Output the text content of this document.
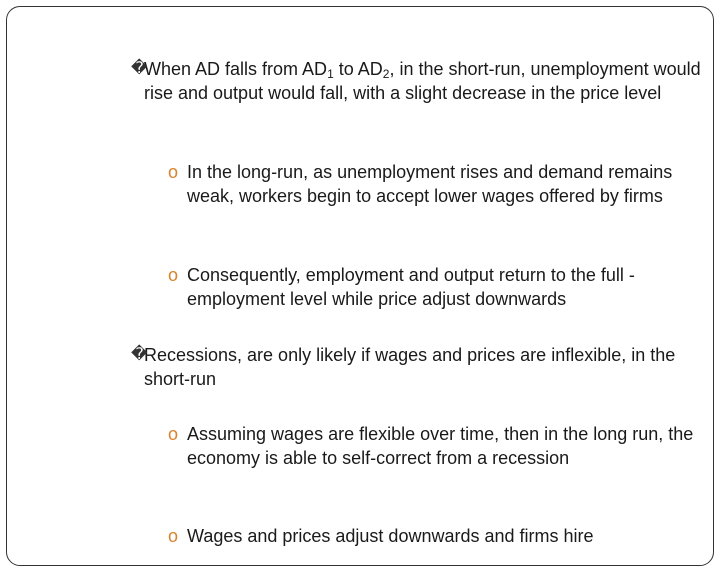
�
When AD falls from $AD_1$ to $AD_2$, in the short-run, unemployment would rise and output would fall, with a slight decrease in the price level
o In the long-run, as unemployment rises and demand remains weak, workers begin to accept lower wages offered by firms
o Consequently, employment and output return to the full -employment level while price adjust downwards
�
Recessions, are only likely if wages and prices are inflexible, in the short-run
o Assuming wages are flexible over time, then in the long run, the economy is able to self-correct from a recession
o Wages and prices adjust downwards and firms hire
